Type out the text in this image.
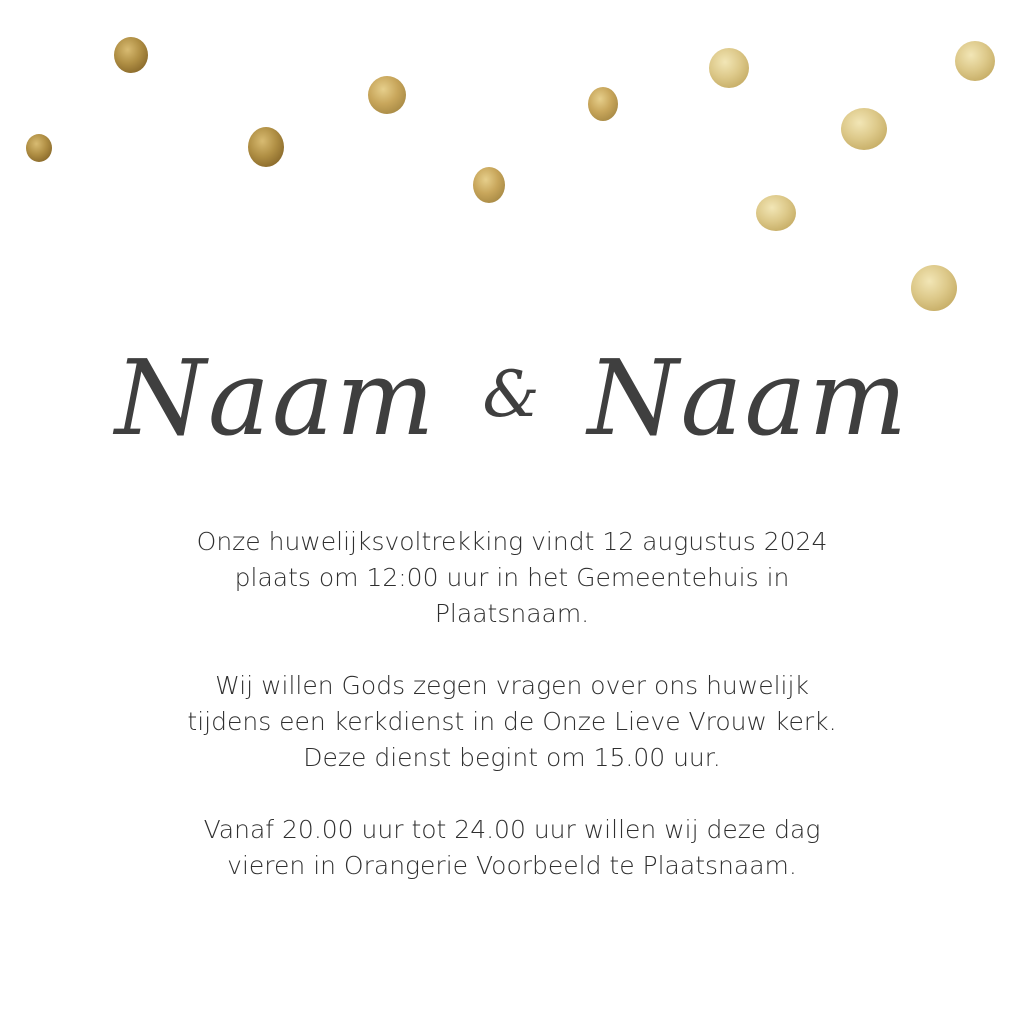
Naam & Naam

Onze huwelijksvoltrekking vindt 12 augustus 2024
plaats om 12:00 uur in het Gemeentehuis in
Plaatsnaam.

Wij willen Gods zegen vragen over ons huwelijk
tijdens een kerkdienst in de Onze Lieve Vrouw kerk.
Deze dienst begint om 15.00 uur.

Vanaf 20.00 uur tot 24.00 uur willen wij deze dag
vieren in Orangerie Voorbeeld te Plaatsnaam.
